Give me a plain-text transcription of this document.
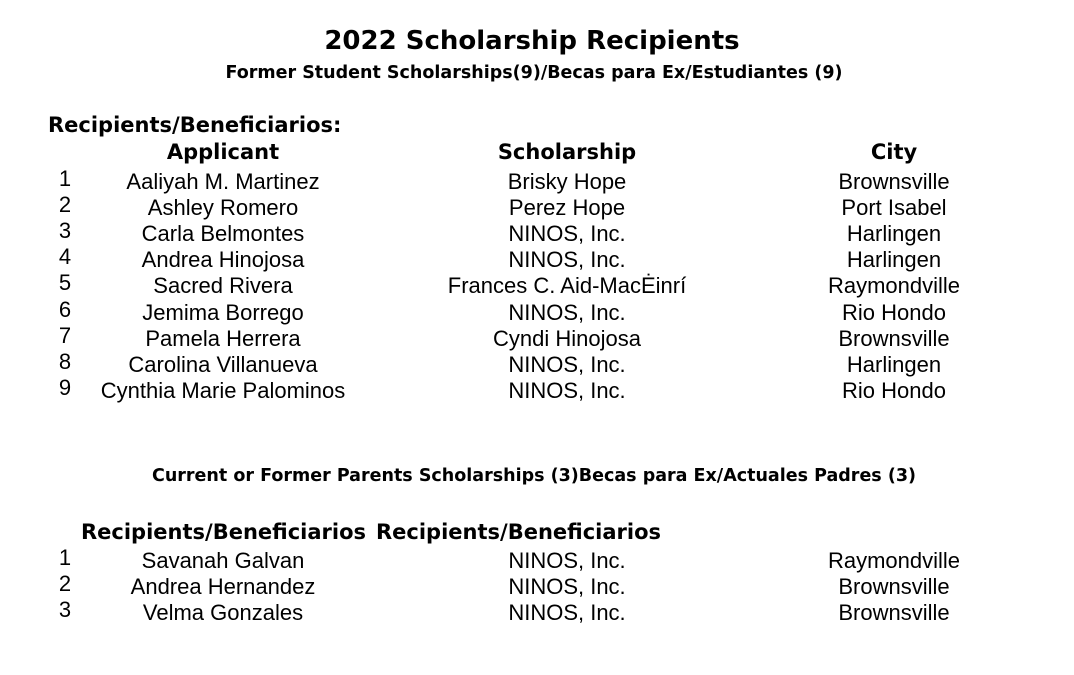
2022 Scholarship Recipients
Former Student Scholarships(9)/Becas para Ex/Estudiantes (9)
Recipients/Beneficiarios:
Applicant	Scholarship	City
1	Aaliyah M. Martinez	Brisky Hope	Brownsville
2	Ashley Romero	Perez Hope	Port Isabel
3	Carla Belmontes	NINOS, Inc.	Harlingen
4	Andrea Hinojosa	NINOS, Inc.	Harlingen
5	Sacred Rivera	Frances C. Aid-MacĖinrí	Raymondville
6	Jemima Borrego	NINOS, Inc.	Rio Hondo
7	Pamela Herrera	Cyndi Hinojosa	Brownsville
8	Carolina Villanueva	NINOS, Inc.	Harlingen
9	Cynthia Marie Palominos	NINOS, Inc.	Rio Hondo
Current or Former Parents Scholarships (3)Becas para Ex/Actuales Padres (3)
Recipients/Beneficiarios Recipients/Beneficiarios
1	Savanah Galvan	NINOS, Inc.	Raymondville
2	Andrea Hernandez	NINOS, Inc.	Brownsville
3	Velma Gonzales	NINOS, Inc.	Brownsville
